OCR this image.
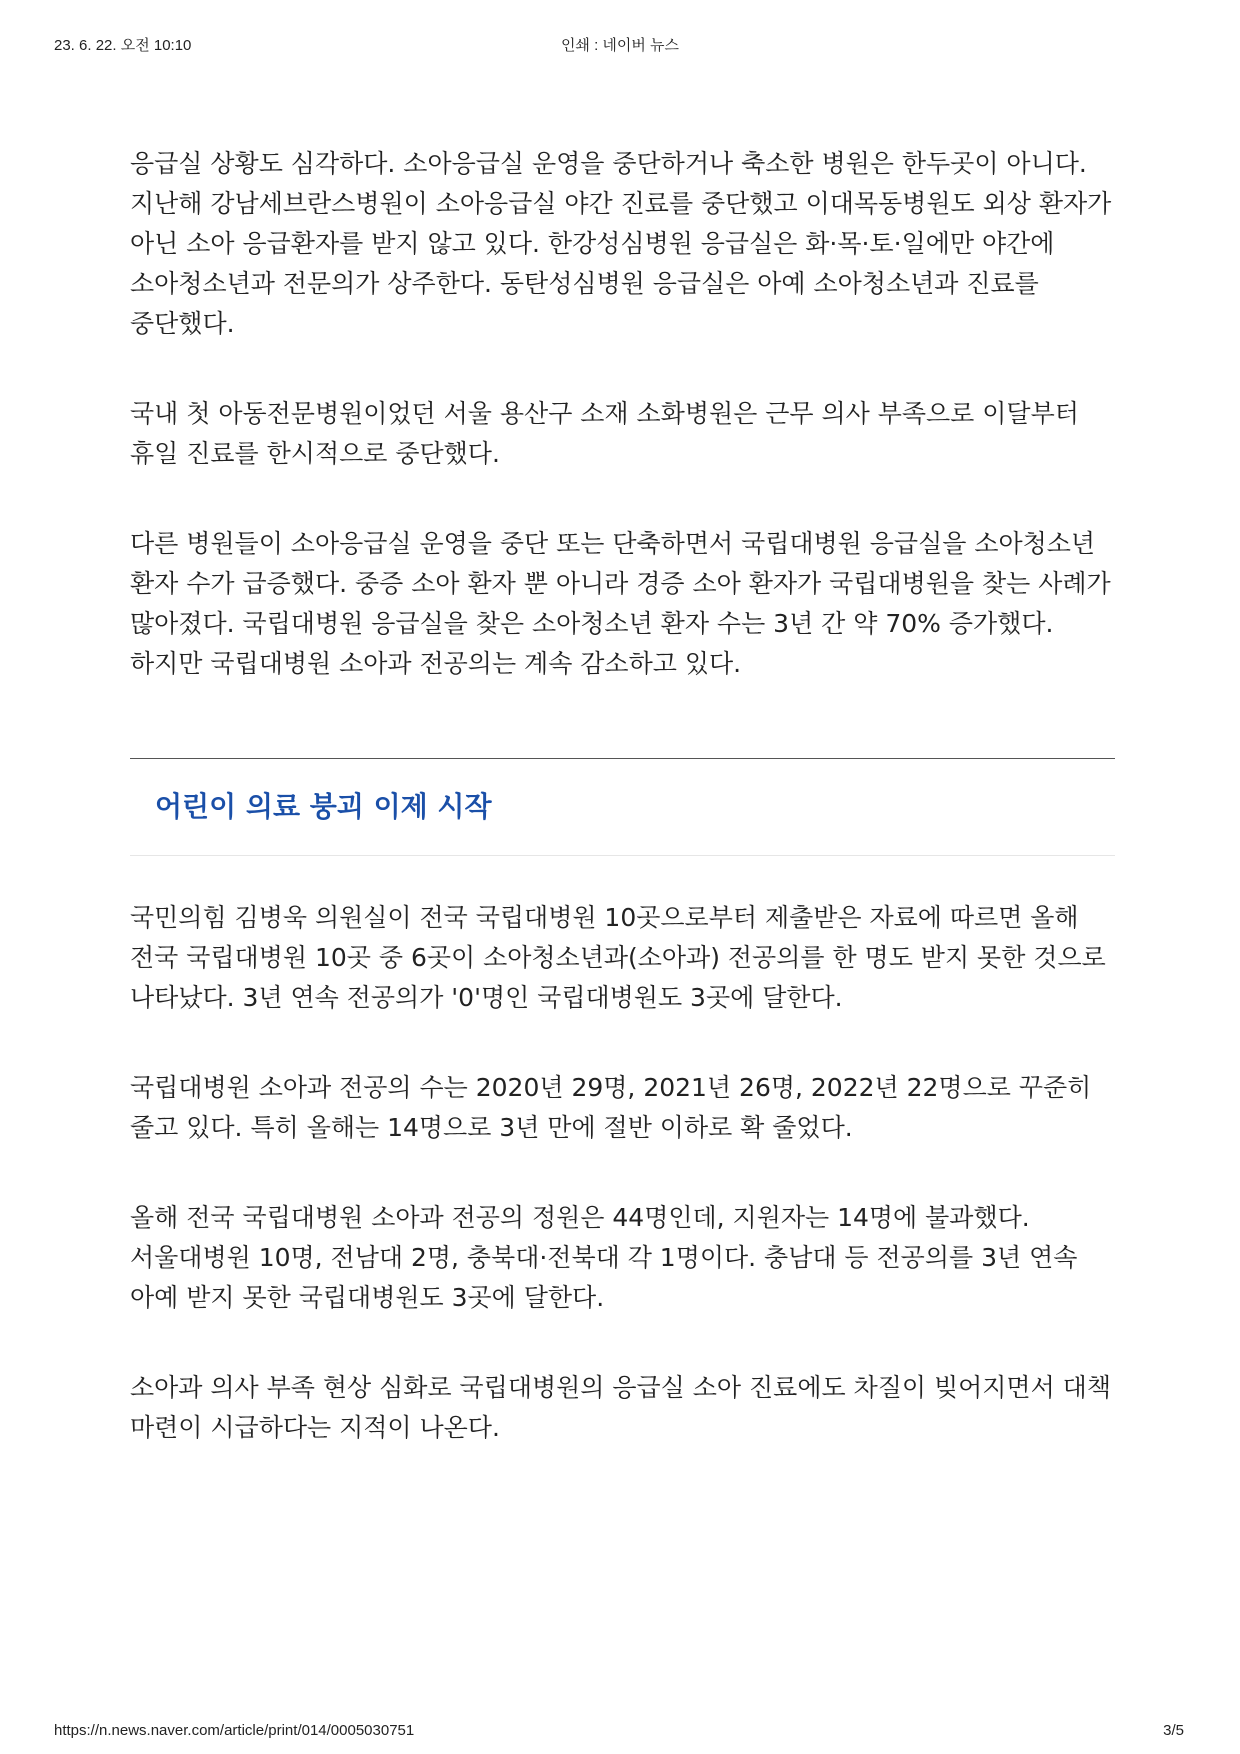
23. 6. 22. 오전 10:10	인쇄 : 네이버 뉴스

응급실 상황도 심각하다. 소아응급실 운영을 중단하거나 축소한 병원은 한두곳이 아니다. 지난해 강남세브란스병원이 소아응급실 야간 진료를 중단했고 이대목동병원도 외상 환자가 아닌 소아 응급환자를 받지 않고 있다. 한강성심병원 응급실은 화·목·토·일에만 야간에 소아청소년과 전문의가 상주한다. 동탄성심병원 응급실은 아예 소아청소년과 진료를 중단했다.

국내 첫 아동전문병원이었던 서울 용산구 소재 소화병원은 근무 의사 부족으로 이달부터 휴일 진료를 한시적으로 중단했다.

다른 병원들이 소아응급실 운영을 중단 또는 단축하면서 국립대병원 응급실을 소아청소년 환자 수가 급증했다. 중증 소아 환자 뿐 아니라 경증 소아 환자가 국립대병원을 찾는 사례가 많아졌다. 국립대병원 응급실을 찾은 소아청소년 환자 수는 3년 간 약 70% 증가했다. 하지만 국립대병원 소아과 전공의는 계속 감소하고 있다.

어린이 의료 붕괴 이제 시작

국민의힘 김병욱 의원실이 전국 국립대병원 10곳으로부터 제출받은 자료에 따르면 올해 전국 국립대병원 10곳 중 6곳이 소아청소년과(소아과) 전공의를 한 명도 받지 못한 것으로 나타났다. 3년 연속 전공의가 '0'명인 국립대병원도 3곳에 달한다.

국립대병원 소아과 전공의 수는 2020년 29명, 2021년 26명, 2022년 22명으로 꾸준히 줄고 있다. 특히 올해는 14명으로 3년 만에 절반 이하로 확 줄었다.

올해 전국 국립대병원 소아과 전공의 정원은 44명인데, 지원자는 14명에 불과했다. 서울대병원 10명, 전남대 2명, 충북대·전북대 각 1명이다. 충남대 등 전공의를 3년 연속 아예 받지 못한 국립대병원도 3곳에 달한다.

소아과 의사 부족 현상 심화로 국립대병원의 응급실 소아 진료에도 차질이 빚어지면서 대책 마련이 시급하다는 지적이 나온다.

https://n.news.naver.com/article/print/014/0005030751	3/5
